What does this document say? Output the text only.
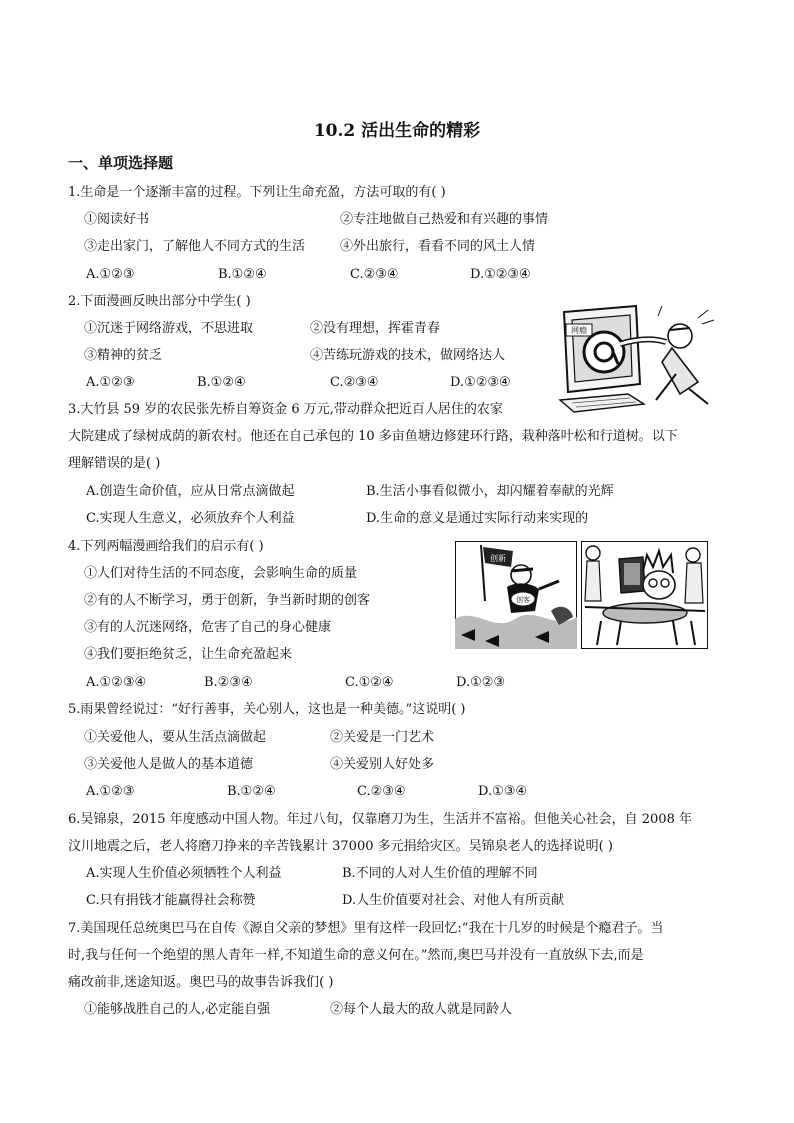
10.2 活出生命的精彩
一、单项选择题
1.生命是一个逐渐丰富的过程。下列让生命充盈，方法可取的有( )
①阅读好书	②专注地做自己热爱和有兴趣的事情
③走出家门，了解他人不同方式的生活	④外出旅行，看看不同的风土人情
A.①②③	B.①②④	C.②③④	D.①②③④
2.下面漫画反映出部分中学生( )
①沉迷于网络游戏，不思进取	②没有理想，挥霍青春
③精神的贫乏	④苦练玩游戏的技术，做网络达人
A.①②③	B.①②④	C.②③④	D.①②③④
网瘾
3.大竹县 59 岁的农民张先桥自筹资金 6 万元,带动群众把近百人居住的农家
大院建成了绿树成荫的新农村。他还在自己承包的 10 多亩鱼塘边修建环行路，栽种落叶松和行道树。以下
理解错误的是( )
A.创造生命价值，应从日常点滴做起	B.生活小事看似微小，却闪耀着奉献的光辉
C.实现人生意义，必须放弃个人利益	D.生命的意义是通过实际行动来实现的
4.下列两幅漫画给我们的启示有( )
①人们对待生活的不同态度，会影响生命的质量
②有的人不断学习，勇于创新，争当新时期的创客
③有的人沉迷网络，危害了自己的身心健康
④我们要拒绝贫乏，让生命充盈起来
A.①②③④	B.②③④	C.①②④	D.①②③
创新
创客
5.雨果曾经说过：“好行善事，关心别人，这也是一种美德。”这说明( )
①关爱他人，要从生活点滴做起	②关爱是一门艺术
③关爱他人是做人的基本道德	④关爱别人好处多
A.①②③	B.①②④	C.②③④	D.①③④
6.吴锦泉，2015 年度感动中国人物。年过八旬，仅靠磨刀为生，生活并不富裕。但他关心社会，自 2008 年
汶川地震之后，老人将磨刀挣来的辛苦钱累计 37000 多元捐给灾区。吴锦泉老人的选择说明( )
A.实现人生价值必须牺牲个人利益	B.不同的人对人生价值的理解不同
C.只有捐钱才能赢得社会称赞	D.人生价值要对社会、对他人有所贡献
7.美国现任总统奥巴马在自传《源自父亲的梦想》里有这样一段回忆:“我在十几岁的时候是个瘾君子。当
时,我与任何一个绝望的黑人青年一样,不知道生命的意义何在。”然而,奥巴马并没有一直放纵下去,而是
痛改前非,迷途知返。奥巴马的故事告诉我们( )
①能够战胜自己的人,必定能自强	②每个人最大的敌人就是同龄人
